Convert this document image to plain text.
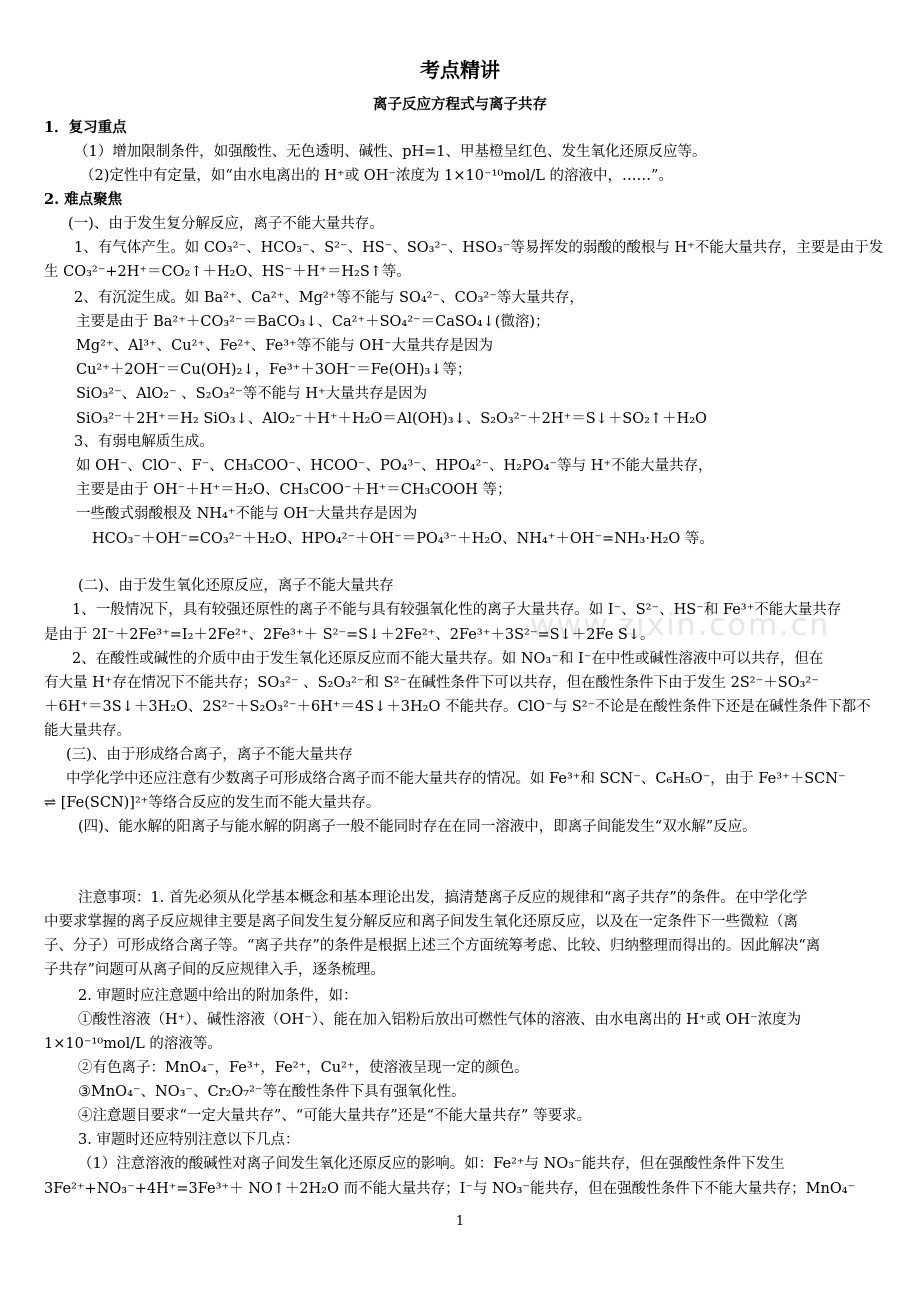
考点精讲
离子反应方程式与离子共存
www.zixin.com.cn
1．复习重点
（1）增加限制条件，如强酸性、无色透明、碱性、pH=1、甲基橙呈红色、发生氧化还原反应等。
（2)定性中有定量，如“由水电离出的 H⁺或 OH⁻浓度为 1×10⁻¹⁰mol/L 的溶液中，……”。
2. 难点聚焦
(一)、由于发生复分解反应，离子不能大量共存。
1、有气体产生。如 CO₃²⁻、HCO₃⁻、S²⁻、HS⁻、SO₃²⁻、HSO₃⁻等易挥发的弱酸的酸根与 H⁺不能大量共存，主要是由于发
生 CO₃²⁻+2H⁺＝CO₂↑＋H₂O、HS⁻＋H⁺＝H₂S↑等。
2、有沉淀生成。如 Ba²⁺、Ca²⁺、Mg²⁺等不能与 SO₄²⁻、CO₃²⁻等大量共存，
主要是由于 Ba²⁺＋CO₃²⁻＝BaCO₃↓、Ca²⁺＋SO₄²⁻＝CaSO₄↓(微溶)；
Mg²⁺、Al³⁺、Cu²⁺、Fe²⁺、Fe³⁺等不能与 OH⁻大量共存是因为
Cu²⁺＋2OH⁻＝Cu(OH)₂↓，Fe³⁺＋3OH⁻＝Fe(OH)₃↓等；
SiO₃²⁻、AlO₂⁻ 、S₂O₃²⁻等不能与 H⁺大量共存是因为
SiO₃²⁻＋2H⁺＝H₂ SiO₃↓、AlO₂⁻＋H⁺＋H₂O＝Al(OH)₃↓、S₂O₃²⁻＋2H⁺＝S↓＋SO₂↑＋H₂O
3、有弱电解质生成。
如 OH⁻、ClO⁻、F⁻、CH₃COO⁻、HCOO⁻、PO₄³⁻、HPO₄²⁻、H₂PO₄⁻等与 H⁺不能大量共存，
主要是由于 OH⁻＋H⁺＝H₂O、CH₃COO⁻＋H⁺＝CH₃COOH 等；
一些酸式弱酸根及 NH₄⁺不能与 OH⁻大量共存是因为
HCO₃⁻＋OH⁻=CO₃²⁻＋H₂O、HPO₄²⁻＋OH⁻＝PO₄³⁻＋H₂O、NH₄⁺＋OH⁻=NH₃·H₂O 等。
(二)、由于发生氧化还原反应，离子不能大量共存
1、一般情况下，具有较强还原性的离子不能与具有较强氧化性的离子大量共存。如 I⁻、S²⁻、HS⁻和 Fe³⁺不能大量共存
是由于 2I⁻＋2Fe³⁺=I₂＋2Fe²⁺、2Fe³⁺＋ S²⁻=S↓＋2Fe²⁺、2Fe³⁺＋3S²⁻=S↓＋2Fe S↓。
2、在酸性或碱性的介质中由于发生氧化还原反应而不能大量共存。如 NO₃⁻和 I⁻在中性或碱性溶液中可以共存，但在
有大量 H⁺存在情况下不能共存；SO₃²⁻ 、S₂O₃²⁻和 S²⁻在碱性条件下可以共存，但在酸性条件下由于发生 2S²⁻＋SO₃²⁻
＋6H⁺＝3S↓＋3H₂O、2S²⁻＋S₂O₃²⁻＋6H⁺＝4S↓＋3H₂O 不能共存。ClO⁻与 S²⁻不论是在酸性条件下还是在碱性条件下都不
能大量共存。
(三)、由于形成络合离子，离子不能大量共存
中学化学中还应注意有少数离子可形成络合离子而不能大量共存的情况。如 Fe³⁺和 SCN⁻、C₆H₅O⁻，由于 Fe³⁺＋SCN⁻
⇌ [Fe(SCN)]²⁺等络合反应的发生而不能大量共存。
(四)、能水解的阳离子与能水解的阴离子一般不能同时存在在同一溶液中，即离子间能发生“双水解”反应。
注意事项：1. 首先必须从化学基本概念和基本理论出发，搞清楚离子反应的规律和“离子共存”的条件。在中学化学
中要求掌握的离子反应规律主要是离子间发生复分解反应和离子间发生氧化还原反应，以及在一定条件下一些微粒（离
子、分子）可形成络合离子等。“离子共存”的条件是根据上述三个方面统筹考虑、比较、归纳整理而得出的。因此解决“离
子共存”问题可从离子间的反应规律入手，逐条梳理。
2. 审题时应注意题中给出的附加条件，如：
①酸性溶液（H⁺）、碱性溶液（OH⁻）、能在加入铝粉后放出可燃性气体的溶液、由水电离出的 H⁺或 OH⁻浓度为
1×10⁻¹⁰mol/L 的溶液等。
②有色离子：MnO₄⁻，Fe³⁺，Fe²⁺，Cu²⁺，使溶液呈现一定的颜色。
③MnO₄⁻、NO₃⁻、Cr₂O₇²⁻等在酸性条件下具有强氧化性。
④注意题目要求“一定大量共存”、“可能大量共存”还是“不能大量共存” 等要求。
3. 审题时还应特别注意以下几点：
（1）注意溶液的酸碱性对离子间发生氧化还原反应的影响。如：Fe²⁺与 NO₃⁻能共存，但在强酸性条件下发生
3Fe²⁺+NO₃⁻+4H⁺=3Fe³⁺＋ NO↑＋2H₂O 而不能大量共存；I⁻与 NO₃⁻能共存，但在强酸性条件下不能大量共存；MnO₄⁻
1
